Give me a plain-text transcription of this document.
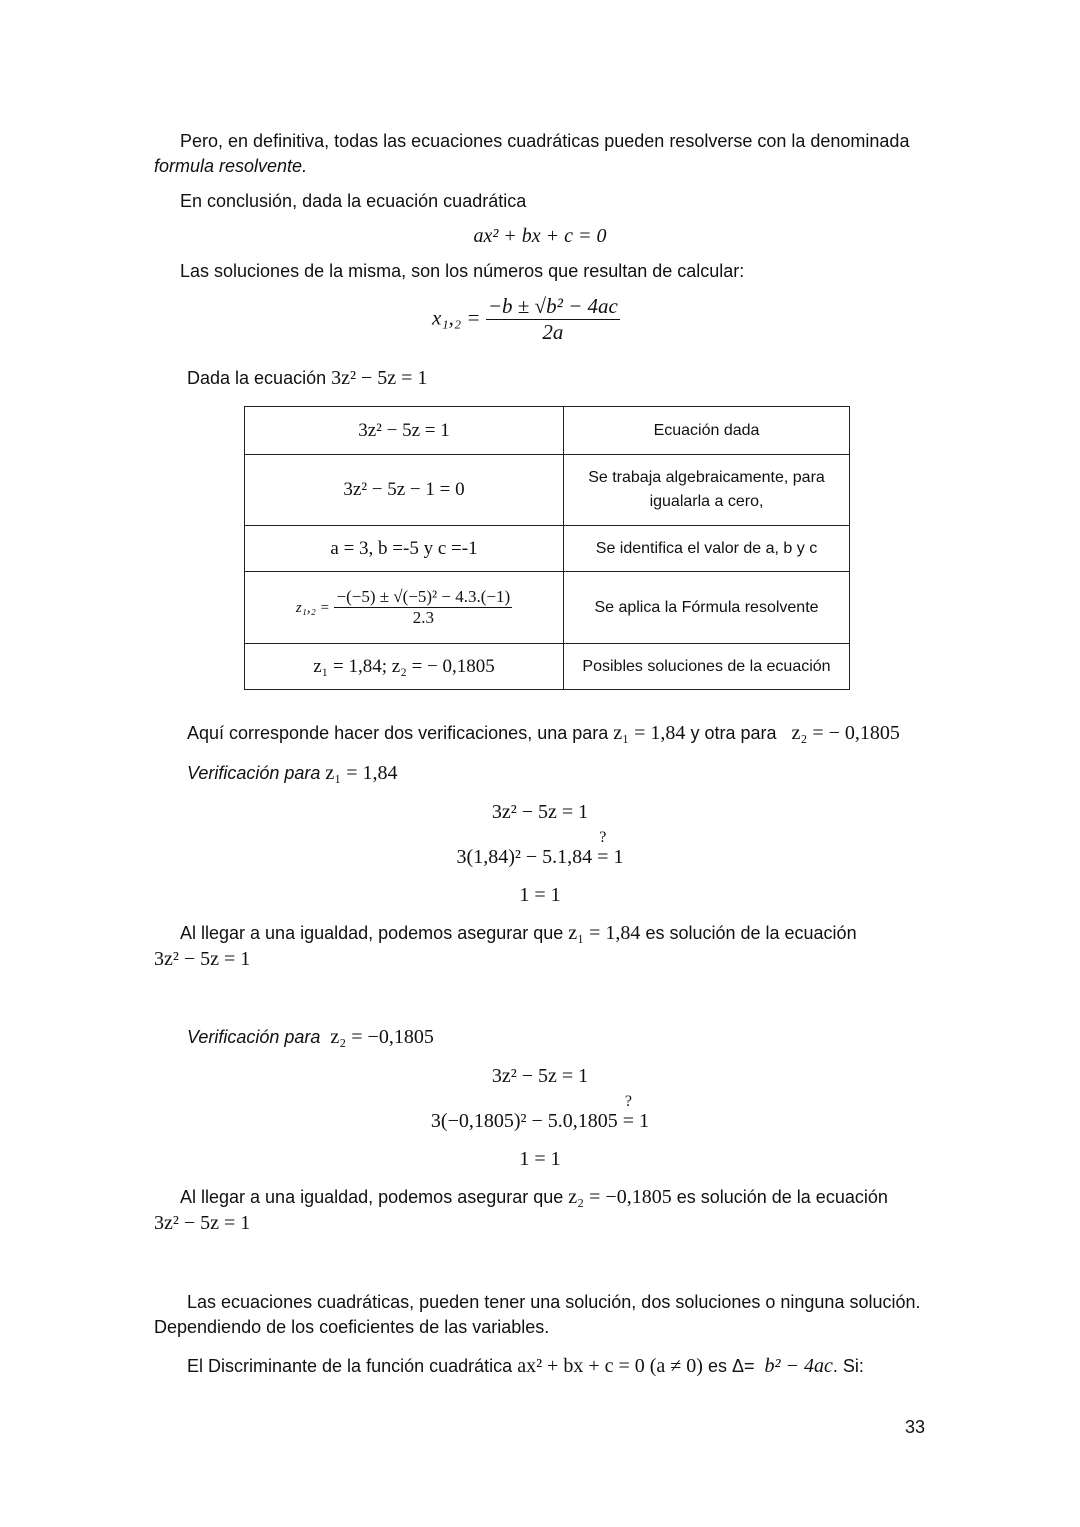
Pero, en definitiva, todas las ecuaciones cuadráticas pueden resolverse con la denominada
formula resolvente.
En conclusión, dada la ecuación cuadrática
ax² + bx + c = 0
Las soluciones de la misma, son los números que resultan de calcular:
$x_1,_2 = \frac{\text{−b ± √b² − 4ac}}{2a}$
Dada la ecuación 3z² − 5z = 1
3z² − 5z = 1	Ecuación dada
3z² − 5z − 1 = 0	Se trabaja algebraicamente, para igualarla a cero,
a = 3, b =-5 y c =-1	Se identifica el valor de a, b y c
$z_1,_2 = \frac{\text{−(−5) ± √(−5)² − 4.3.(−1)}}{2.3}$	Se aplica la Fórmula resolvente
z₁ = 1,84; z₂ = − 0,1805	Posibles soluciones de la ecuación
Aquí corresponde hacer dos verificaciones, una para z₁ = 1,84 y otra para z₂ = − 0,1805
Verificación para z₁ = 1,84
3z² − 5z = 1
3(1,84)² − 5.1,84
?
= 1
1 = 1
Al llegar a una igualdad, podemos asegurar que z₁ = 1,84 es solución de la ecuación
3z² − 5z = 1
Verificación para z₂ = −0,1805
3z² − 5z = 1
3(−0,1805)² − 5.0,1805
?
= 1
1 = 1
Al llegar a una igualdad, podemos asegurar que z₂ = −0,1805 es solución de la ecuación
3z² − 5z = 1
Las ecuaciones cuadráticas, pueden tener una solución, dos soluciones o ninguna solución.
Dependiendo de los coeficientes de las variables.
El Discriminante de la función cuadrática ax² + bx + c = 0 (a ≠ 0) es Δ= b² − 4ac. Si:
33
